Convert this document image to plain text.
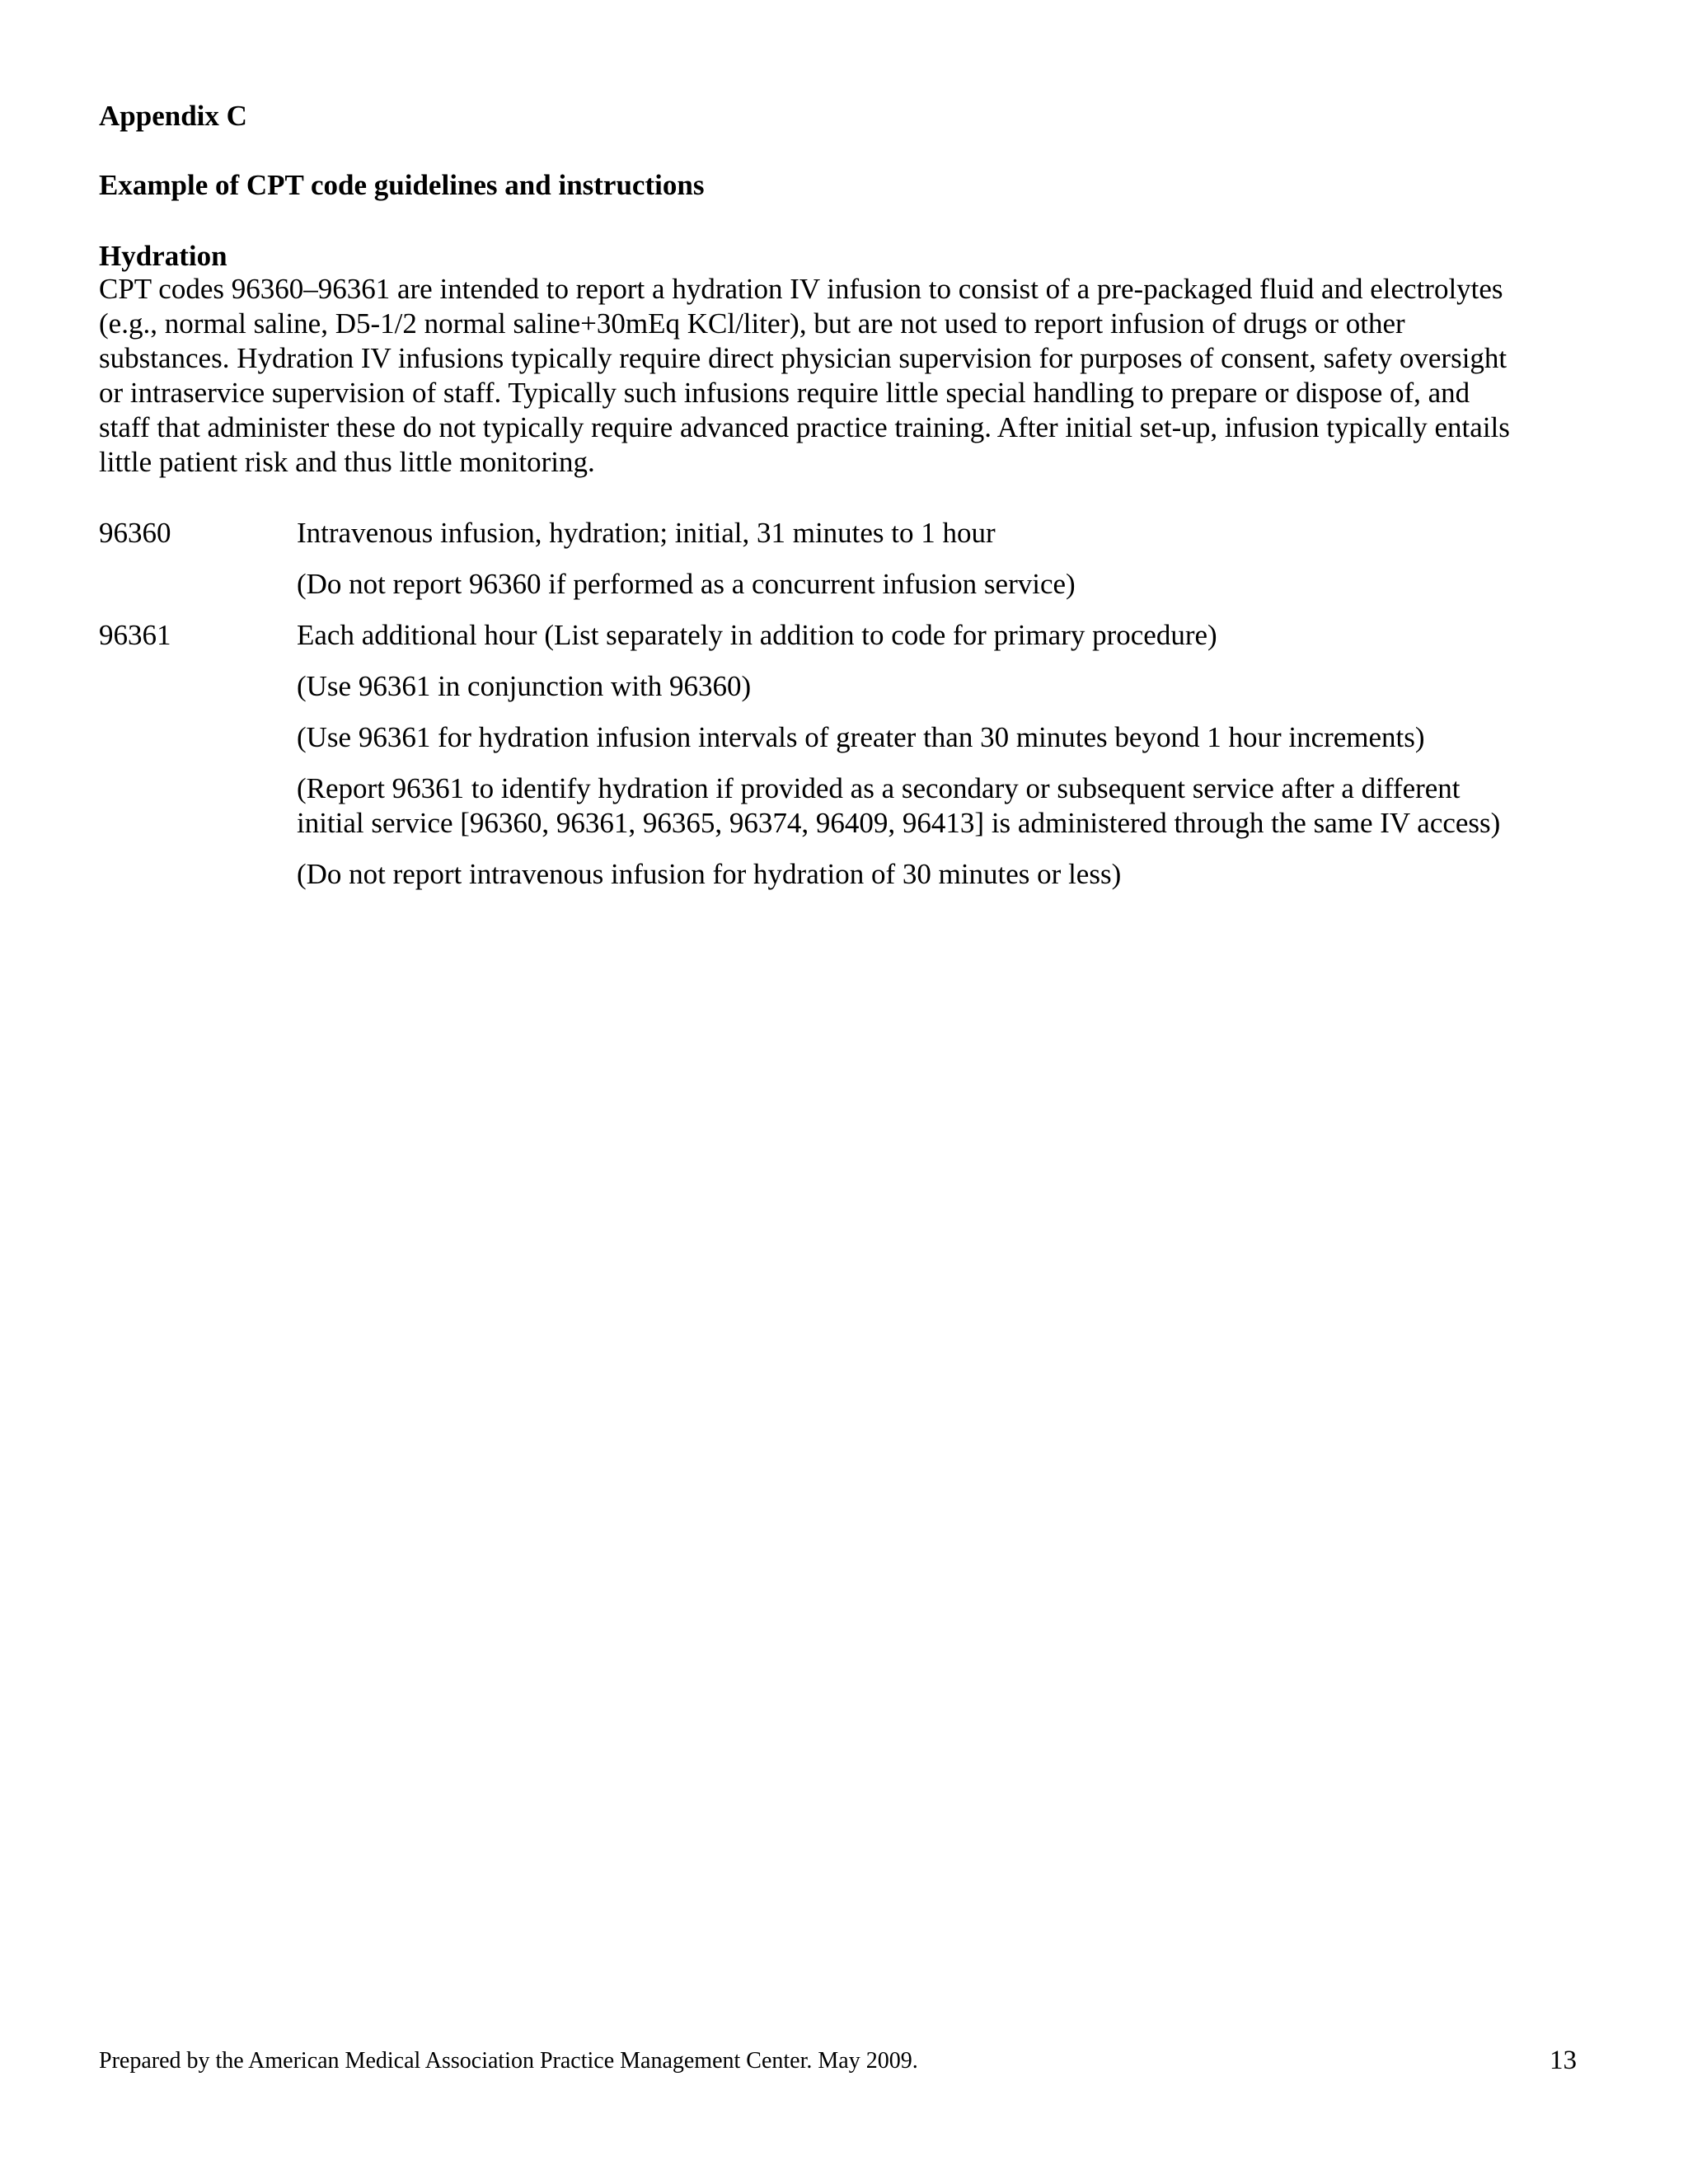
Appendix C
Example of CPT code guidelines and instructions
Hydration

CPT codes 96360–96361 are intended to report a hydration IV infusion to consist of a pre-packaged fluid and electrolytes
(e.g., normal saline, D5-1/2 normal saline+30mEq KCl/liter), but are not used to report infusion of drugs or other
substances. Hydration IV infusions typically require direct physician supervision for purposes of consent, safety oversight
or intraservice supervision of staff. Typically such infusions require little special handling to prepare or dispose of, and
staff that administer these do not typically require advanced practice training. After initial set-up, infusion typically entails
little patient risk and thus little monitoring.

96360	Intravenous infusion, hydration; initial, 31 minutes to 1 hour
(Do not report 96360 if performed as a concurrent infusion service)
96361	Each additional hour (List separately in addition to code for primary procedure)
(Use 96361 in conjunction with 96360)
(Use 96361 for hydration infusion intervals of greater than 30 minutes beyond 1 hour increments)
(Report 96361 to identify hydration if provided as a secondary or subsequent service after a different
initial service [96360, 96361, 96365, 96374, 96409, 96413] is administered through the same IV access)
(Do not report intravenous infusion for hydration of 30 minutes or less)
Prepared by the American Medical Association Practice Management Center. May 2009.	13
